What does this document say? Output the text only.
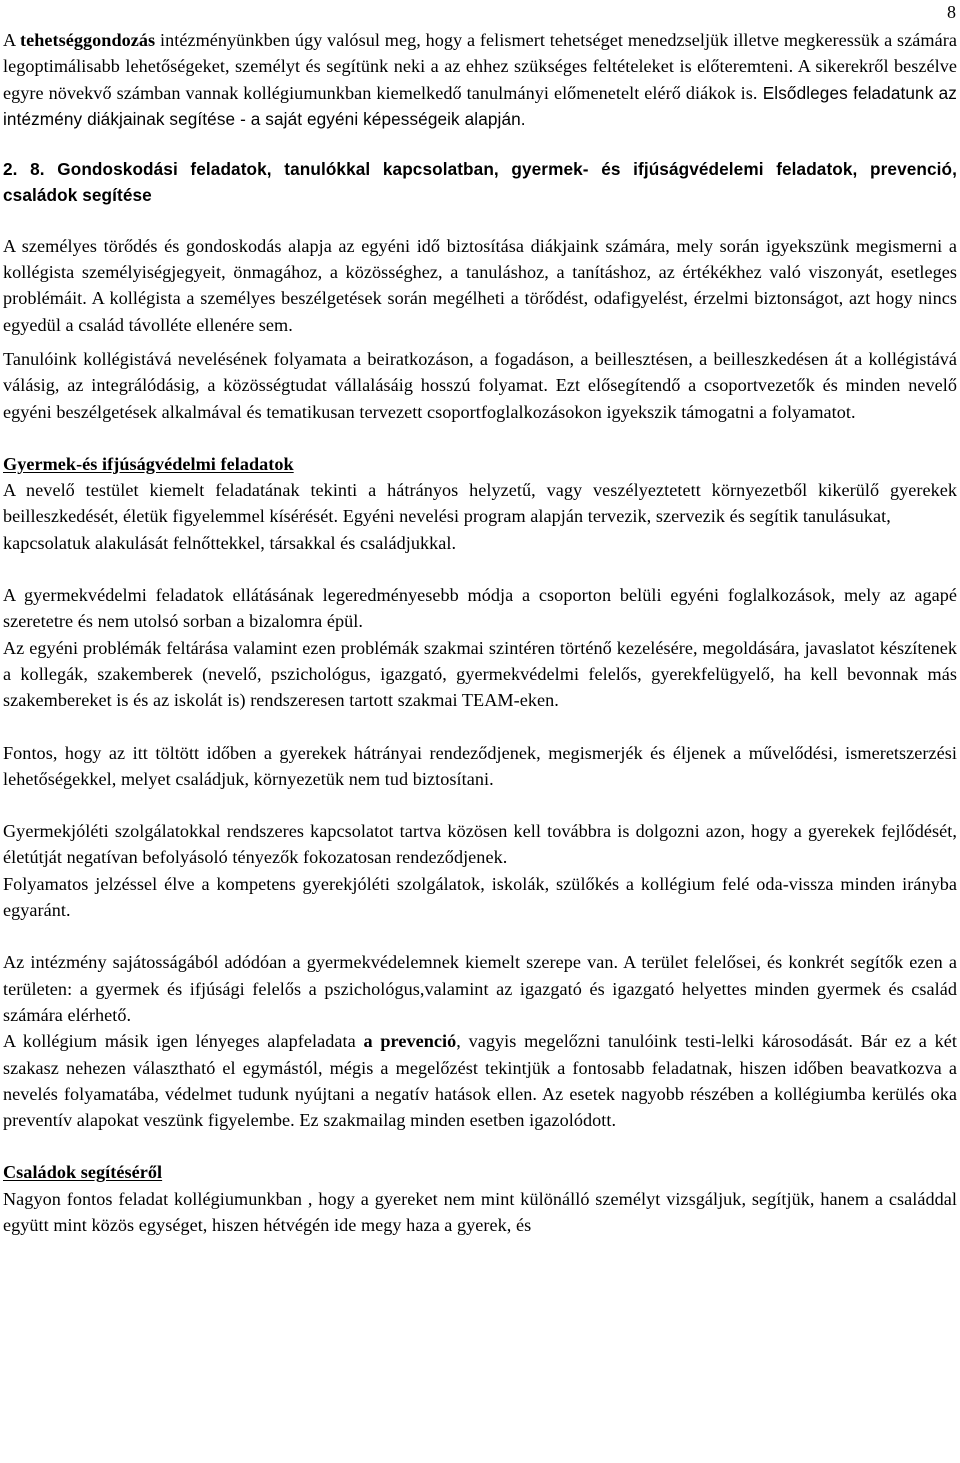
8

A tehetséggondozás intézményünkben úgy valósul meg, hogy a felismert tehetséget menedzseljük illetve megkeressük a számára legoptimálisabb lehetőségeket, személyt és segítünk neki a az ehhez szükséges feltételeket is előteremteni. A sikerekről beszélve egyre növekvő számban vannak kollégiumunkban kiemelkedő tanulmányi előmenetelt elérő diákok is. Elsődleges feladatunk az intézmény diákjainak segítése - a saját egyéni képességeik alapján.

2. 8. Gondoskodási feladatok, tanulókkal kapcsolatban, gyermek- és ifjúságvédelemi feladatok, prevenció, családok segítése

A személyes törődés és gondoskodás alapja az egyéni idő biztosítása diákjaink számára, mely során igyekszünk megismerni a kollégista személyiségjegyeit, önmagához, a közösséghez, a tanuláshoz, a tanításhoz, az értékékhez való viszonyát, esetleges problémáit. A kollégista a személyes beszélgetések során megélheti a törődést, odafigyelést, érzelmi biztonságot, azt hogy nincs egyedül a család távolléte ellenére sem.

Tanulóink kollégistává nevelésének folyamata a beiratkozáson, a fogadáson, a beillesztésen, a beilleszkedésen át a kollégistává válásig, az integrálódásig, a közösségtudat vállalásáig hosszú folyamat. Ezt elősegítendő a csoportvezetők és minden nevelő egyéni beszélgetések alkalmával és tematikusan tervezett csoportfoglalkozásokon igyekszik támogatni a folyamatot.

Gyermek-és ifjúságvédelmi feladatok

A nevelő testület kiemelt feladatának tekinti a hátrányos helyzetű, vagy veszélyeztetett környezetből kikerülő gyerekek beilleszkedését, életük figyelemmel kísérését. Egyéni nevelési program alapján tervezik, szervezik és segítik tanulásukat,

kapcsolatuk alakulását felnőttekkel, társakkal és családjukkal.

A gyermekvédelmi feladatok ellátásának legeredményesebb módja a csoporton belüli egyéni foglalkozások, mely az agapé szeretetre és nem utolsó sorban a bizalomra épül.

Az egyéni problémák feltárása valamint ezen problémák szakmai szintéren történő kezelésére, megoldására, javaslatot készítenek a kollegák, szakemberek (nevelő, pszichológus, igazgató, gyermekvédelmi felelős, gyerekfelügyelő, ha kell bevonnak más szakembereket is és az iskolát is) rendszeresen tartott szakmai TEAM-eken.

Fontos, hogy az itt töltött időben a gyerekek hátrányai rendeződjenek, megismerjék és éljenek a művelődési, ismeretszerzési lehetőségekkel, melyet családjuk, környezetük nem tud biztosítani.

Gyermekjóléti szolgálatokkal rendszeres kapcsolatot tartva közösen kell továbbra is dolgozni azon, hogy a gyerekek fejlődését, életútját negatívan befolyásoló tényezők fokozatosan rendeződjenek.

Folyamatos jelzéssel élve a kompetens gyerekjóléti szolgálatok, iskolák, szülőkés a kollégium felé oda-vissza minden irányba egyaránt.

Az intézmény sajátosságából adódóan a gyermekvédelemnek kiemelt szerepe van. A terület felelősei, és konkrét segítők ezen a területen: a gyermek és ifjúsági felelős a pszichológus,valamint az igazgató és igazgató helyettes minden gyermek és család számára elérhető.

A kollégium másik igen lényeges alapfeladata a prevenció, vagyis megelőzni tanulóink testi-lelki károsodását. Bár ez a két szakasz nehezen választható el egymástól, mégis a megelőzést tekintjük a fontosabb feladatnak, hiszen időben beavatkozva a nevelés folyamatába, védelmet tudunk nyújtani a negatív hatások ellen. Az esetek nagyobb részében a kollégiumba kerülés oka preventív alapokat veszünk figyelembe. Ez szakmailag minden esetben igazolódott.

Családok segítéséről

Nagyon fontos feladat kollégiumunkban , hogy a gyereket nem mint különálló személyt vizsgáljuk, segítjük, hanem a családdal együtt mint közös egységet, hiszen hétvégén ide megy haza a gyerek, és
